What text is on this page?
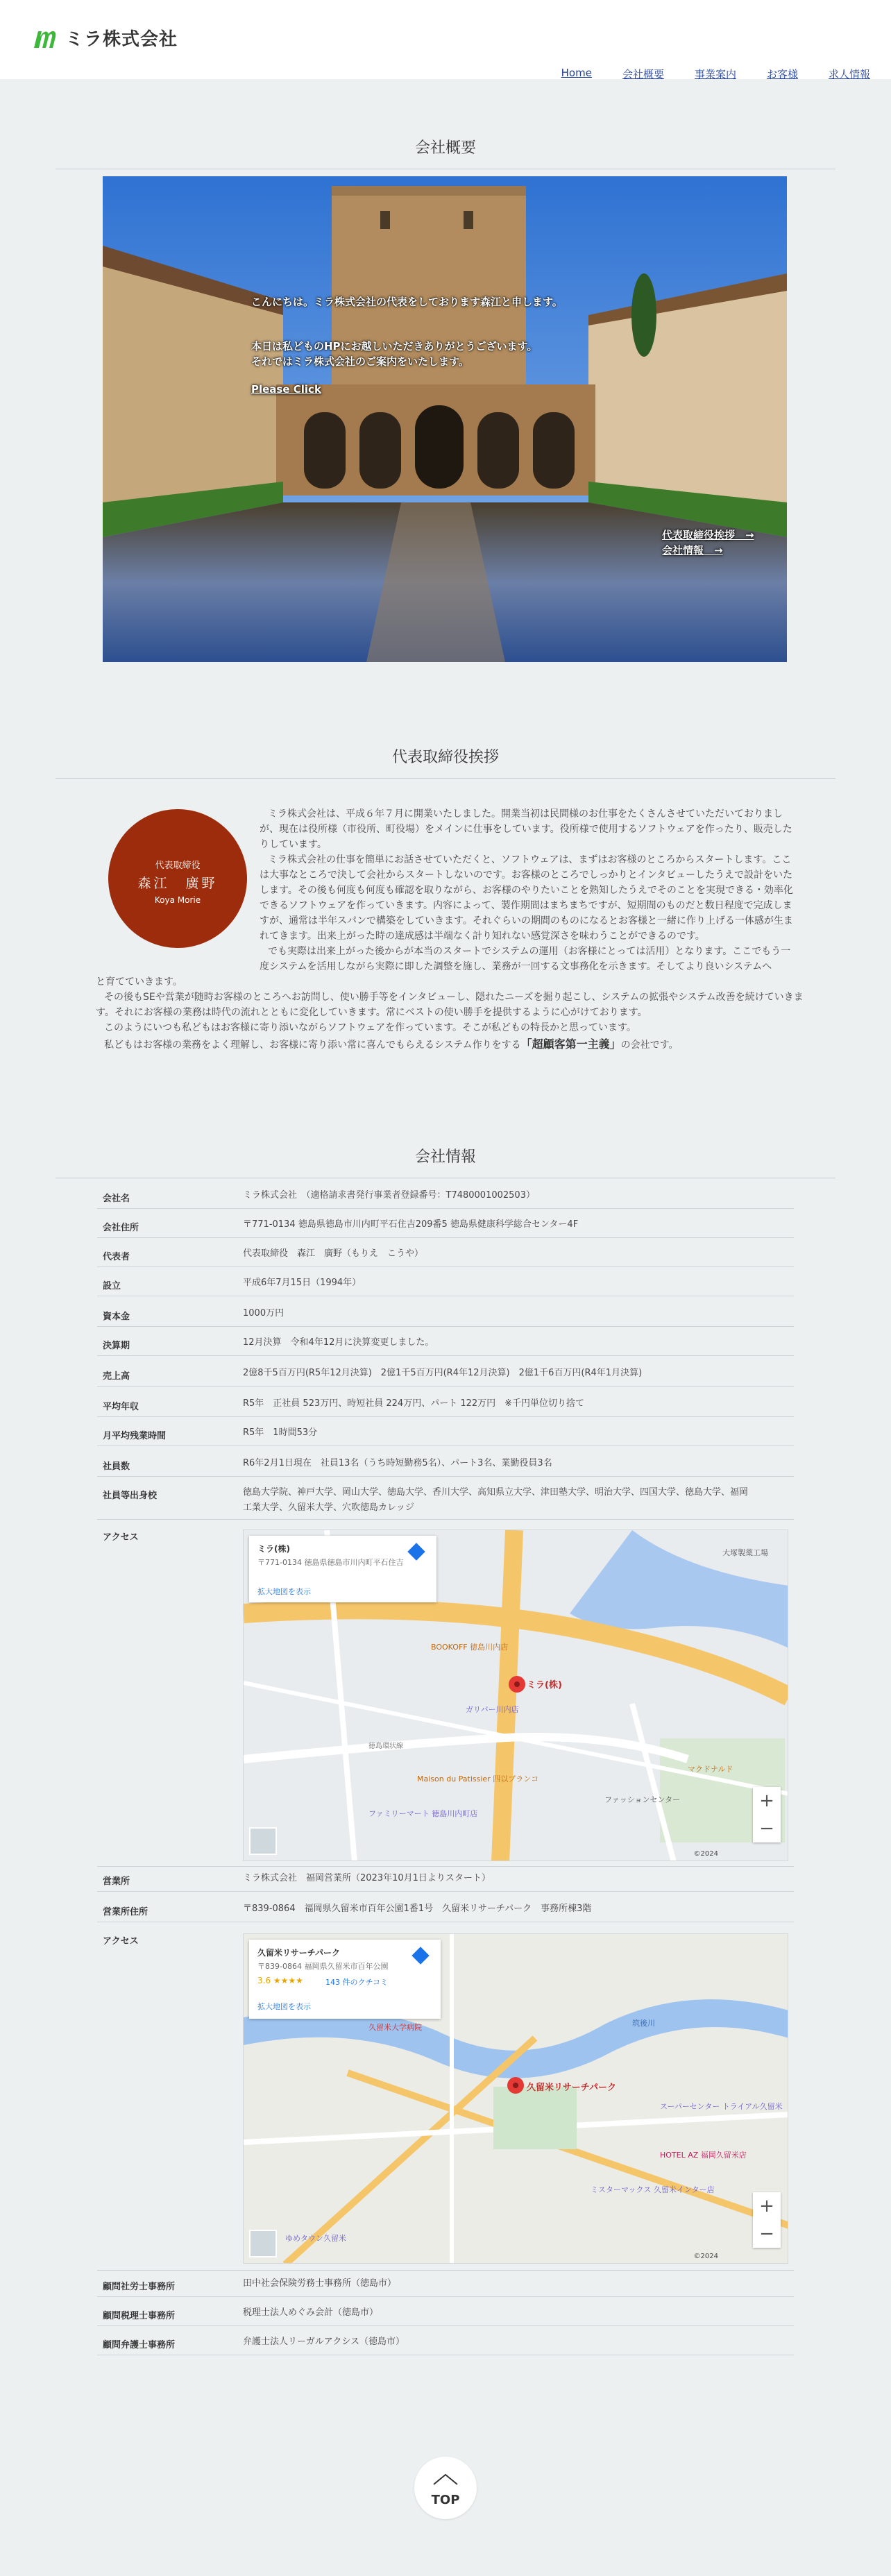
ミラ株式会社
Home	会社概要	事業案内	お客様	求人情報
会社概要
こんにちは。ミラ株式会社の代表をしております森江と申します。
本日は私どものHPにお越しいただきありがとうございます。
それではミラ株式会社のご案内をいたします。
Please Click
代表取締役挨拶　→
会社情報　→
代表取締役挨拶
代表取締役
森江　廣野
Koya Morie
ミラ株式会社は、平成６年７月に開業いたしました。開業当初は民間様のお仕事をたくさんさせていただいておりまし
が、現在は役所様（市役所、町役場）をメインに仕事をしています。役所様で使用するソフトウェアを作ったり、販売した
りしています。
ミラ株式会社の仕事を簡単にお話させていただくと、ソフトウェアは、まずはお客様のところからスタートします。ここ
は大事なところで決して会社からスタートしないのです。お客様のところでしっかりとインタビューしたうえで設計をいた
します。その後も何度も何度も確認を取りながら、お客様のやりたいことを熟知したうえでそのことを実現できる・効率化
できるソフトウェアを作っていきます。内容によって、製作期間はまちまちですが、短期間のものだと数日程度で完成しま
すが、通常は半年スパンで構築をしていきます。それぐらいの期間のものになるとお客様と一緒に作り上げる一体感が生ま
れてきます。出来上がった時の達成感は半端なく計り知れない感覚深さを味わうことができるのです。
でも実際は出来上がった後からが本当のスタートでシステムの運用（お客様にとっては活用）となります。ここでもう一
度システムを活用しながら実際に即した調整を施し、業務が一回する文事務化を示きます。そしてより良いシステムへ
と育てていきます。
その後もSEや営業が随時お客様のところへお訪問し、使い勝手等をインタビューし、隠れたニーズを掘り起こし、システムの拡張やシステム改善を続けていきま
す。それにお客様の業務は時代の流れとともに変化していきます。常にベストの使い勝手を提供するように心がけております。
このようにいつも私どもはお客様に寄り添いながらソフトウェアを作っています。そこが私どもの特長かと思っています。
私どもはお客様の業務をよく理解し、お客様に寄り添い常に喜んでもらえるシステム作りをする「超顧客第一主義」の会社です。
会社情報
会社名	ミラ株式会社　（適格請求書発行事業者登録番号：T7480001002503）
会社住所	〒771-0134 徳島県徳島市川内町平石住吉209番5 徳島県健康科学総合センター4F
代表者	代表取締役　森江　廣野（もりえ　こうや）
設立	平成6年7月15日（1994年）
資本金	1000万円
決算期	12月決算　令和4年12月に決算変更しました。
売上高	2億8千5百万円(R5年12月決算)　2億1千5百万円(R4年12月決算)　2億1千6百万円(R4年1月決算)
平均年収	R5年　正社員 523万円、時短社員 224万円、パート 122万円　※千円単位切り捨て
月平均残業時間	R5年　1時間53分
社員数	R6年2月1日現在　社員13名（うち時短勤務5名）、パート3名、業勤役員3名
社員等出身校	徳島大学院、神戸大学、岡山大学、徳島大学、香川大学、高知県立大学、津田塾大学、明治大学、四国大学、徳島大学、福岡
工業大学、久留米大学、穴吹徳島カレッジ
アクセス
営業所	ミラ株式会社　福岡営業所（2023年10月1日よりスタート）
営業所住所	〒839-0864　福岡県久留米市百年公園1番1号　久留米リサーチパーク　事務所棟3階
アクセス
顧問社労士事務所	田中社会保険労務士事務所（徳島市）
顧問税理士事務所	税理士法人めぐみ会計（徳島市）
顧問弁護士事務所	弁護士法人リーガルアクシス（徳島市）
ミラ(株)
〒771-0134 徳島県徳島市川内町平石住吉
拡大地図を表示
ミラ(株)
大塚製薬工場
BOOKOFF 徳島川内店
ガリバー川内店
ファミリーマート 徳島川内町店
Maison du Patissier 四以ブランコ
ファッションセンター
マクドナルド
徳島環状線
+
−
©2024
久留米リサーチパーク
〒839-0864 福岡県久留米市百年公園
3.6 ★★★★	143 件のクチコミ
拡大地図を表示
久留米リサーチパーク
久留米大学病院	筑後川
スーパーセンター トライアル久留米
HOTEL AZ 福岡久留米店
ミスターマックス 久留米インター店
ゆめタウン久留米
+
−
©2024
TOP
